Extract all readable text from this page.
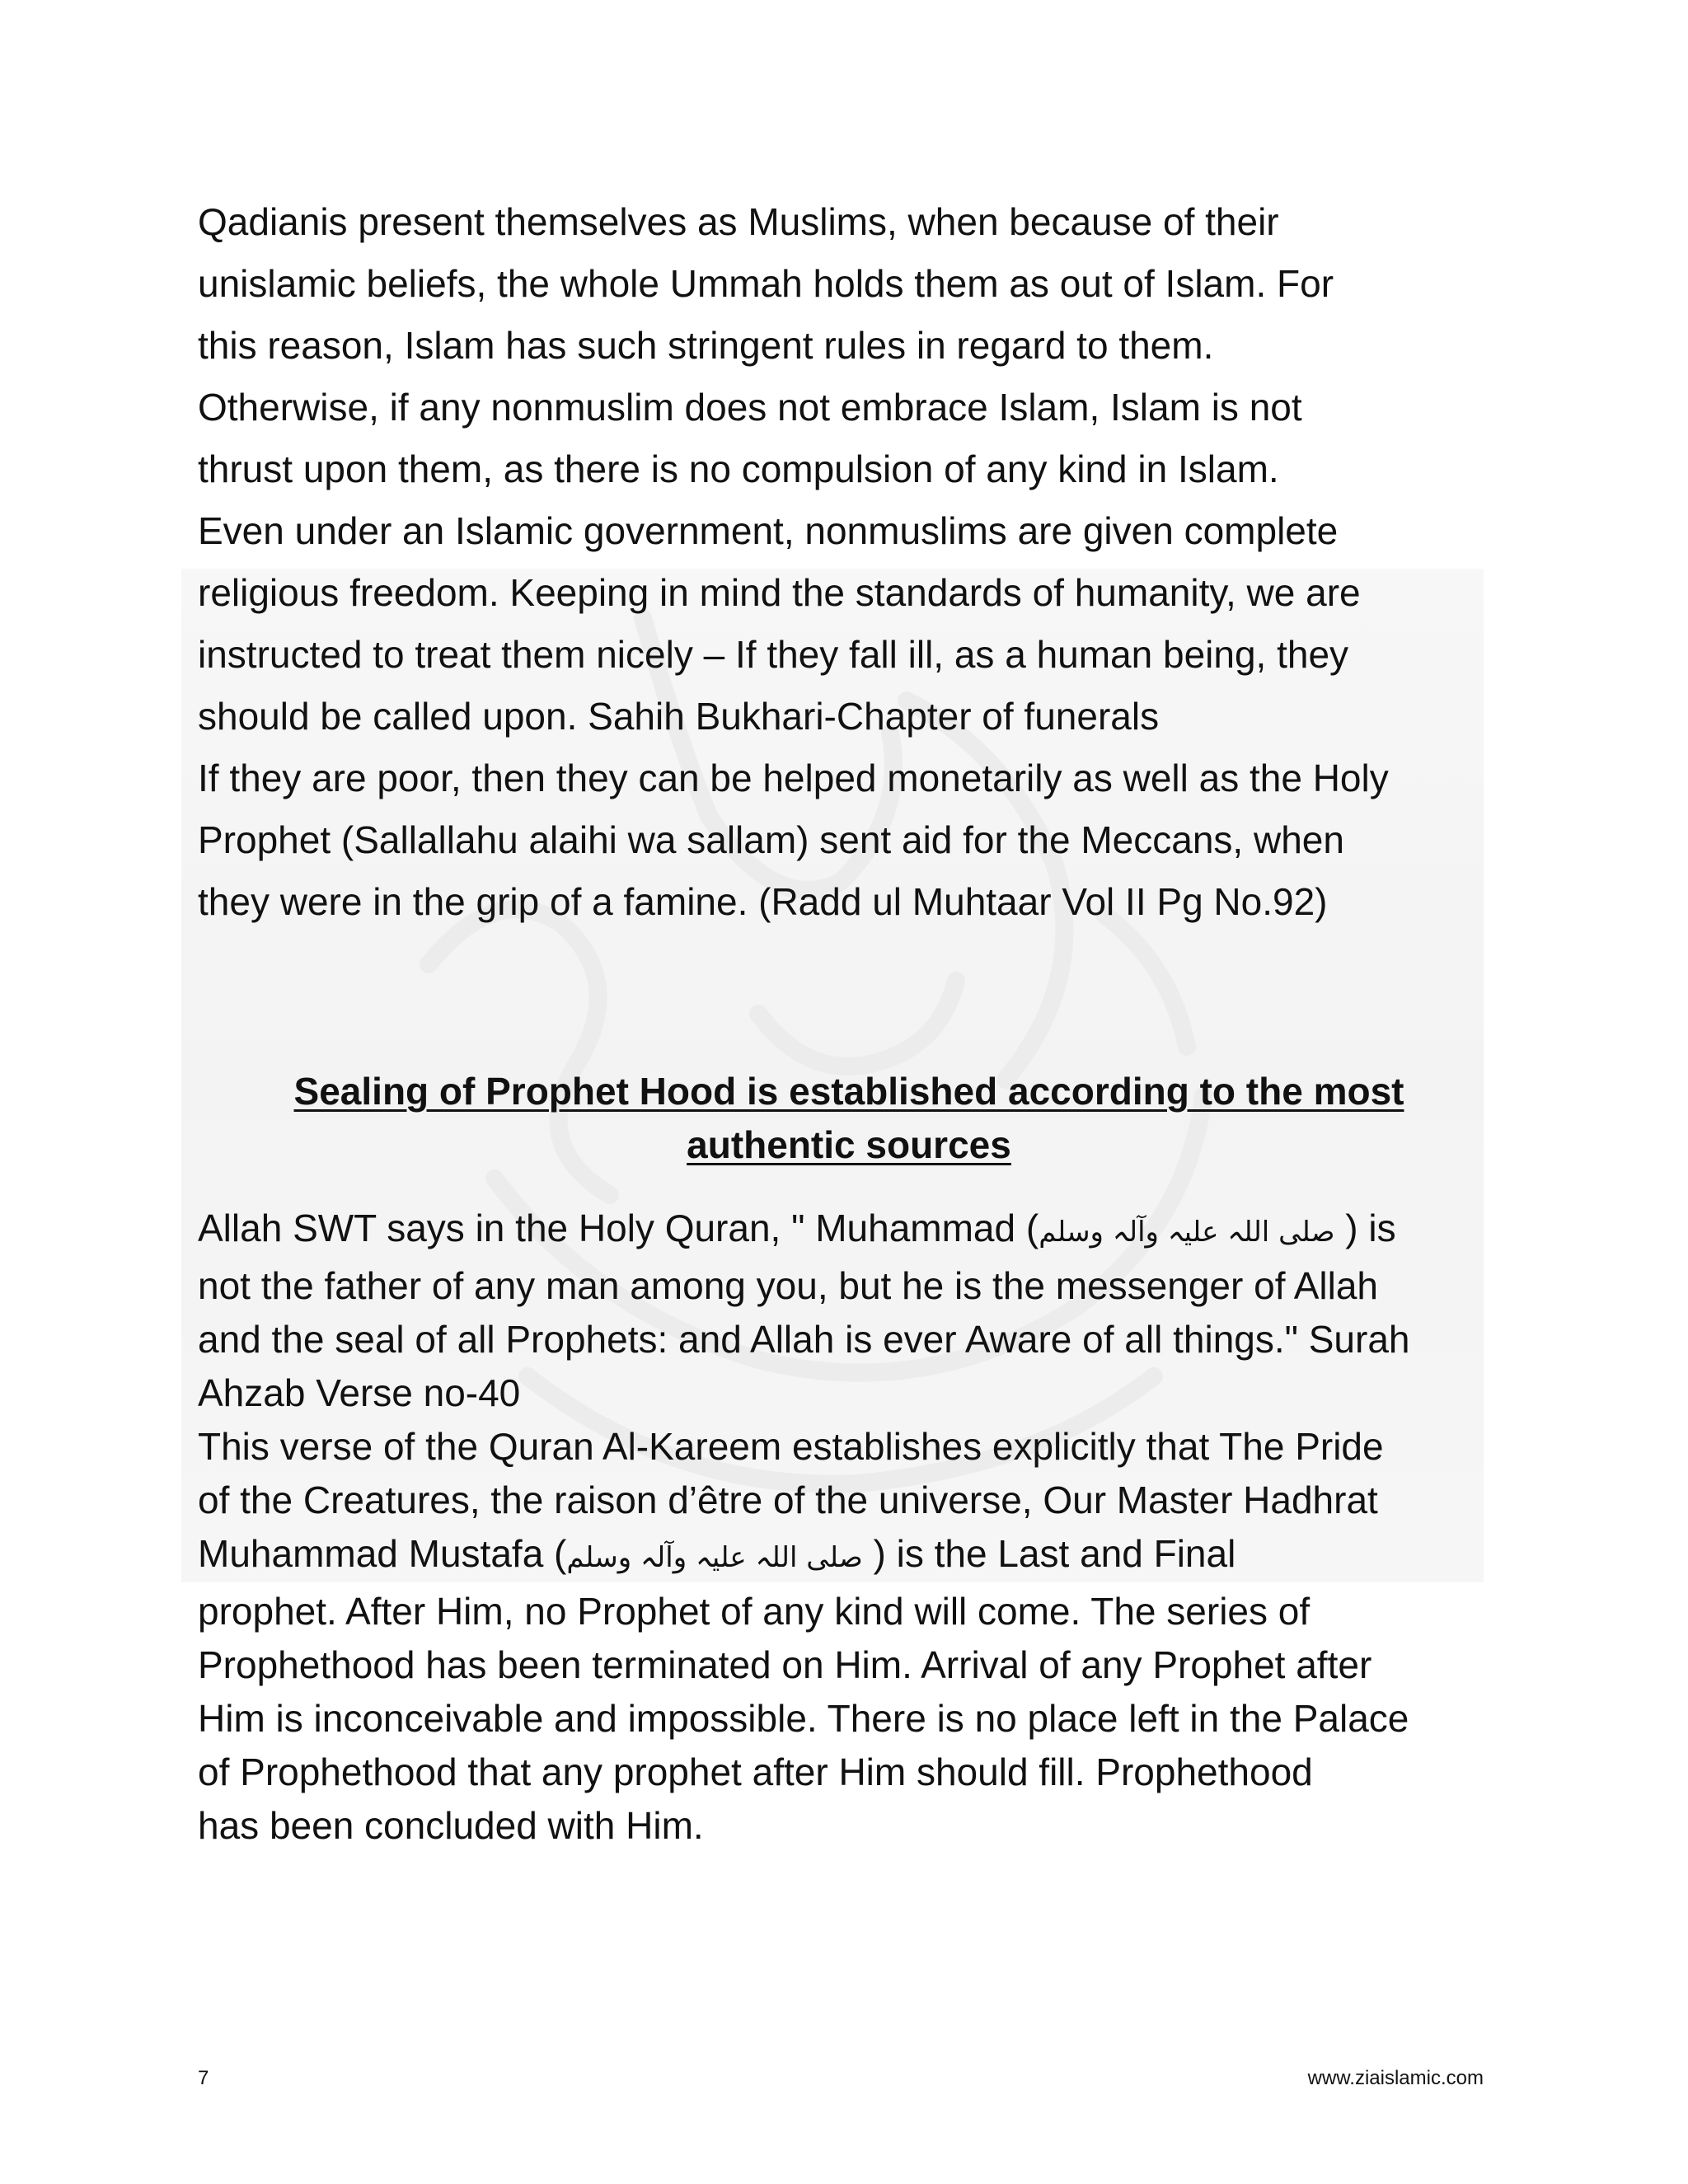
Qadianis present themselves as Muslims, when because of their
unislamic beliefs, the whole Ummah holds them as out of Islam. For
this reason, Islam has such stringent rules in regard to them.
Otherwise, if any nonmuslim does not embrace Islam, Islam is not
thrust upon them, as there is no compulsion of any kind in Islam.
Even under an Islamic government, nonmuslims are given complete
religious freedom. Keeping in mind the standards of humanity, we are
instructed to treat them nicely – If they fall ill, as a human being, they
should be called upon. Sahih Bukhari-Chapter of funerals
If they are poor, then they can be helped monetarily as well as the Holy
Prophet (Sallallahu alaihi wa sallam) sent aid for the Meccans, when
they were in the grip of a famine. (Radd ul Muhtaar Vol II Pg No.92)

Sealing of Prophet Hood is established according to the most
authentic sources

Allah SWT says in the Holy Quran, " Muhammad (صلی اللہ علیہ وآلہ وسلم ) is
not the father of any man among you, but he is the messenger of Allah
and the seal of all Prophets: and Allah is ever Aware of all things." Surah
Ahzab Verse no-40
This verse of the Quran Al-Kareem establishes explicitly that The Pride
of the Creatures, the raison d’être of the universe, Our Master Hadhrat
Muhammad Mustafa (صلی اللہ علیہ وآلہ وسلم ) is the Last and Final
prophet. After Him, no Prophet of any kind will come. The series of
Prophethood has been terminated on Him. Arrival of any Prophet after
Him is inconceivable and impossible. There is no place left in the Palace
of Prophethood that any prophet after Him should fill. Prophethood
has been concluded with Him.

7	www.ziaislamic.com
